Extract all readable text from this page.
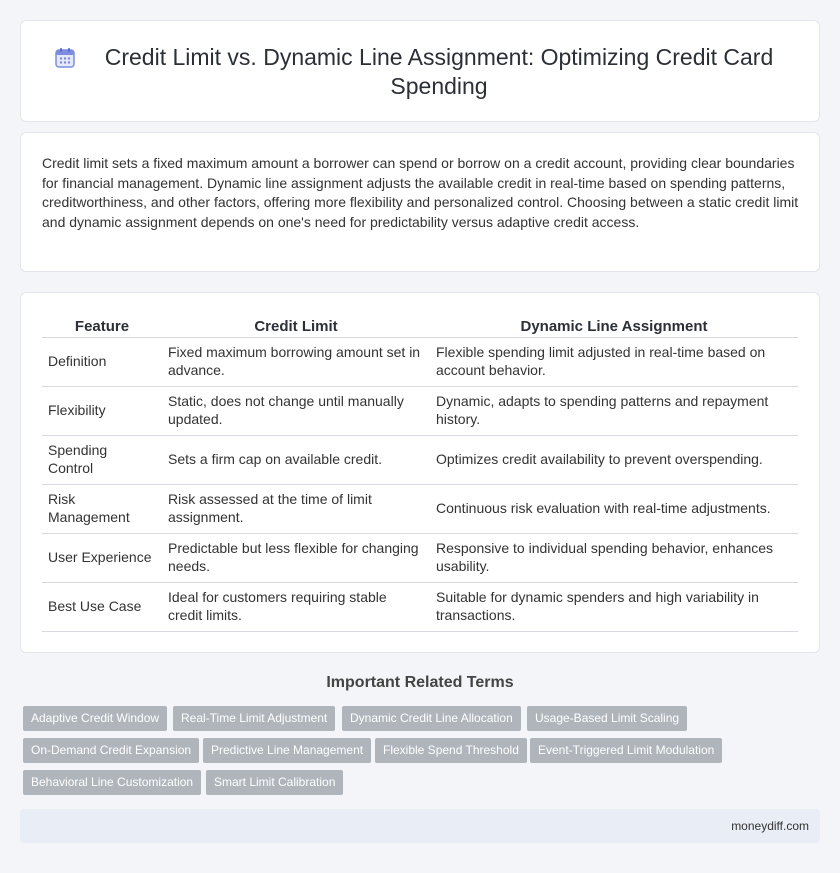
Credit Limit vs. Dynamic Line Assignment: Optimizing Credit Card Spending

Credit limit sets a fixed maximum amount a borrower can spend or borrow on a credit account, providing clear boundaries for financial management. Dynamic line assignment adjusts the available credit in real-time based on spending patterns, creditworthiness, and other factors, offering more flexibility and personalized control. Choosing between a static credit limit and dynamic assignment depends on one's need for predictability versus adaptive credit access.

Feature	Credit Limit	Dynamic Line Assignment
Definition	Fixed maximum borrowing amount set in advance.	Flexible spending limit adjusted in real-time based on account behavior.
Flexibility	Static, does not change until manually updated.	Dynamic, adapts to spending patterns and repayment history.
Spending Control	Sets a firm cap on available credit.	Optimizes credit availability to prevent overspending.
Risk Management	Risk assessed at the time of limit assignment.	Continuous risk evaluation with real-time adjustments.
User Experience	Predictable but less flexible for changing needs.	Responsive to individual spending behavior, enhances usability.
Best Use Case	Ideal for customers requiring stable credit limits.	Suitable for dynamic spenders and high variability in transactions.
Important Related Terms
Adaptive Credit Window	Real-Time Limit Adjustment	Dynamic Credit Line Allocation	Usage-Based Limit Scaling
On-Demand Credit Expansion	Predictive Line Management	Flexible Spend Threshold	Event-Triggered Limit Modulation
Behavioral Line Customization	Smart Limit Calibration
moneydiff.com
